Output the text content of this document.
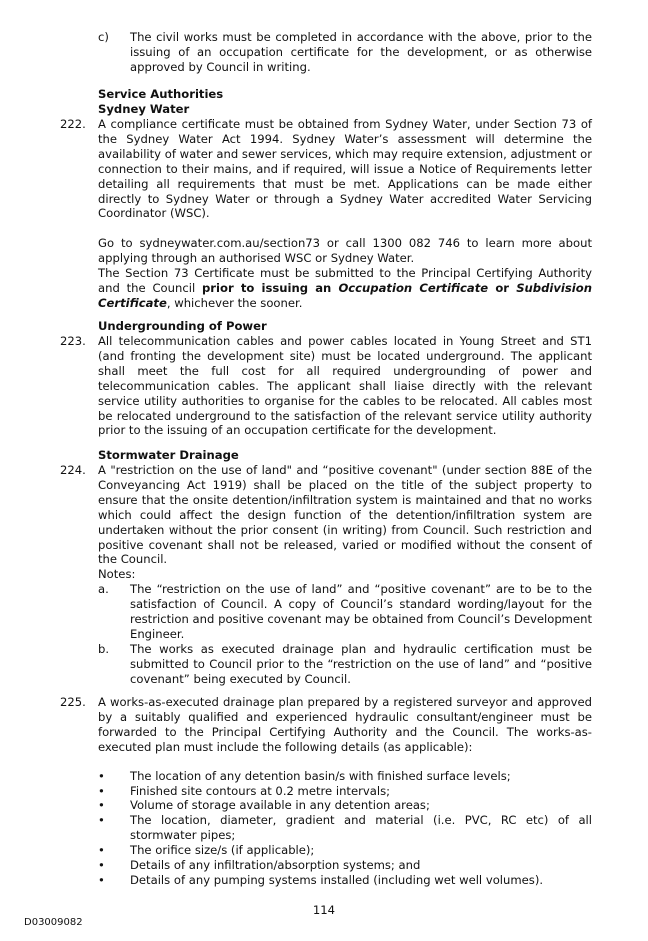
c) The civil works must be completed in accordance with the above, prior to the issuing of an occupation certificate for the development, or as otherwise approved by Council in writing.
Service Authorities
Sydney Water
222.	A compliance certificate must be obtained from Sydney Water, under Section 73 of the Sydney Water Act 1994. Sydney Water’s assessment will determine the availability of water and sewer services, which may require extension, adjustment or connection to their mains, and if required, will issue a Notice of Requirements letter detailing all requirements that must be met. Applications can be made either directly to Sydney Water or through a Sydney Water accredited Water Servicing Coordinator (WSC).

Go to sydneywater.com.au/section73 or call 1300 082 746 to learn more about applying through an authorised WSC or Sydney Water.

The Section 73 Certificate must be submitted to the Principal Certifying Authority and the Council prior to issuing an Occupation Certificate or Subdivision Certificate, whichever the sooner.

Undergrounding of Power
223.	All telecommunication cables and power cables located in Young Street and ST1 (and fronting the development site) must be located underground. The applicant shall meet the full cost for all required undergrounding of power and telecommunication cables. The applicant shall liaise directly with the relevant service utility authorities to organise for the cables to be relocated. All cables most be relocated underground to the satisfaction of the relevant service utility authority prior to the issuing of an occupation certificate for the development.
Stormwater Drainage
224.	A "restriction on the use of land" and “positive covenant" (under section 88E of the Conveyancing Act 1919) shall be placed on the title of the subject property to ensure that the onsite detention/infiltration system is maintained and that no works which could affect the design function of the detention/infiltration system are undertaken without the prior consent (in writing) from Council. Such restriction and positive covenant shall not be released, varied or modified without the consent of the Council.
Notes:
a. The “restriction on the use of land” and “positive covenant” are to be to the satisfaction of Council. A copy of Council’s standard wording/layout for the restriction and positive covenant may be obtained from Council’s Development Engineer.
b. The works as executed drainage plan and hydraulic certification must be submitted to Council prior to the “restriction on the use of land” and “positive covenant” being executed by Council.
225.	A works-as-executed drainage plan prepared by a registered surveyor and approved by a suitably qualified and experienced hydraulic consultant/engineer must be forwarded to the Principal Certifying Authority and the Council. The works-as-executed plan must include the following details (as applicable):
• The location of any detention basin/s with finished surface levels;
• Finished site contours at 0.2 metre intervals;
• Volume of storage available in any detention areas;
• The location, diameter, gradient and material (i.e. PVC, RC etc) of all stormwater pipes;
• The orifice size/s (if applicable);
• Details of any infiltration/absorption systems; and
• Details of any pumping systems installed (including wet well volumes).
114
D03009082
